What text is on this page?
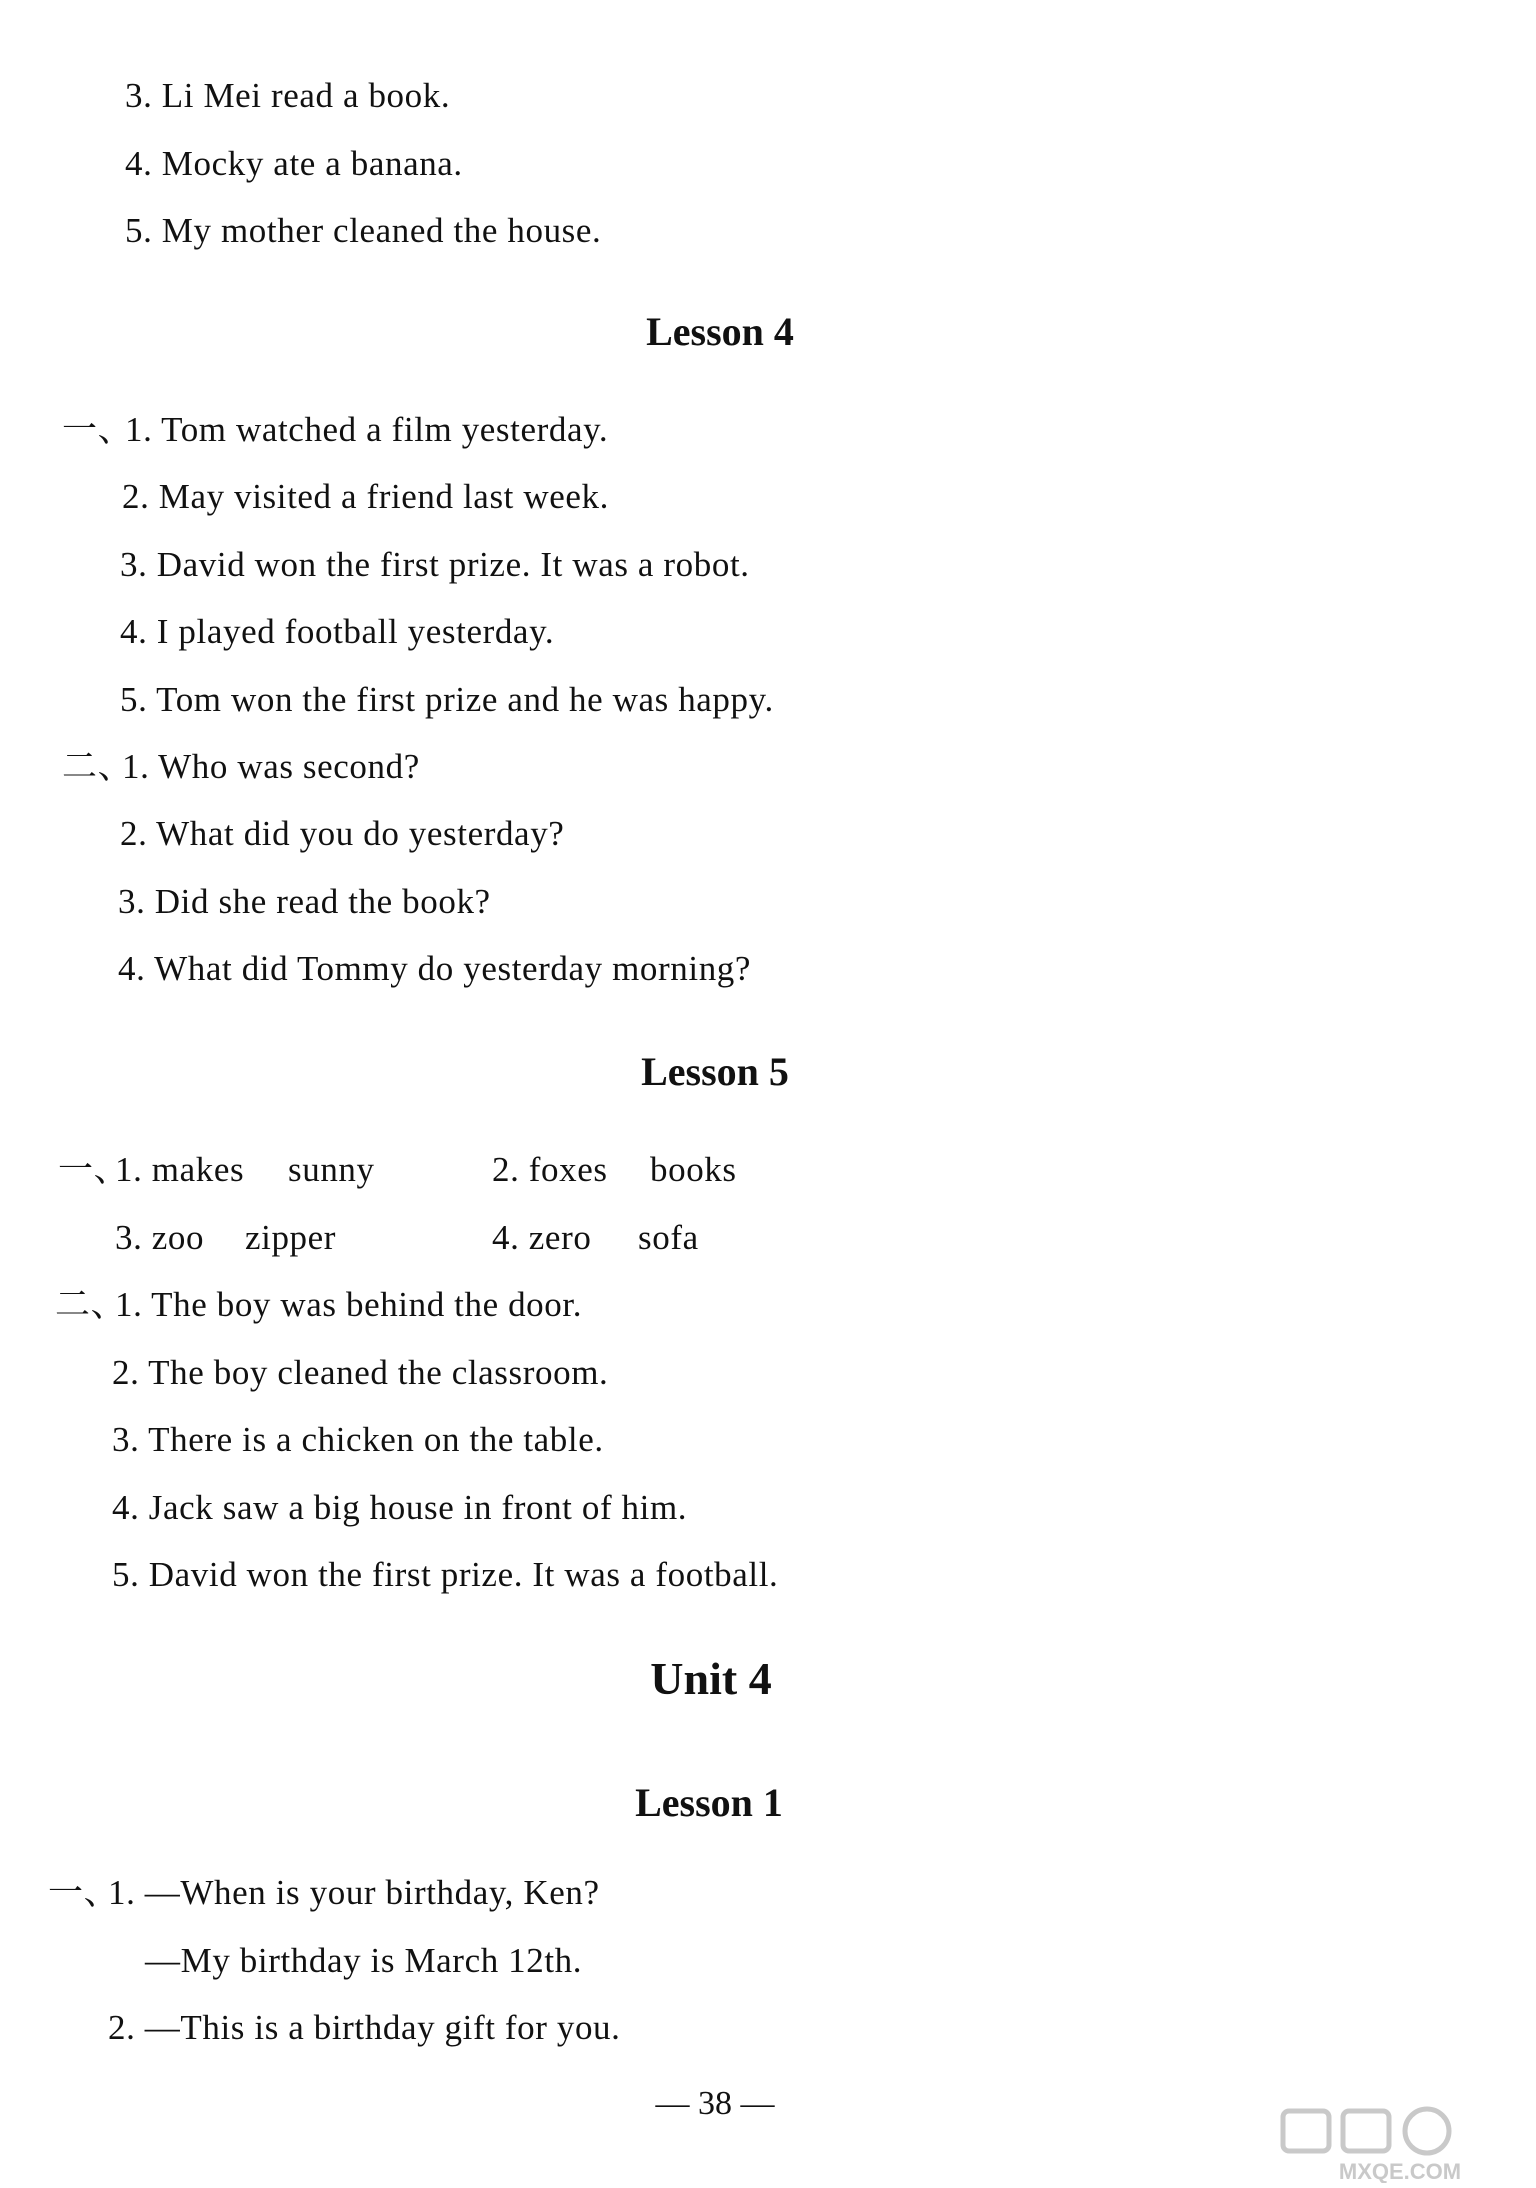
3. Li Mei read a book.

4. Mocky ate a banana.

5. My mother cleaned the house.

Lesson 4
一、

1. Tom watched a film yesterday.

2. May visited a friend last week.

3. David won the first prize. It was a robot.

4. I played football yesterday.

5. Tom won the first prize and he was happy.

二、

1. Who was second?

2. What did you do yesterday?

3. Did she read the book?

4. What did Tommy do yesterday morning?

Lesson 5
一、
1. makes sunny	2. foxes books
3. zoo zipper	4. zero sofa
二、

1. The boy was behind the door.

2. The boy cleaned the classroom.

3. There is a chicken on the table.

4. Jack saw a big house in front of him.

5. David won the first prize. It was a football.

Unit 4
Lesson 1
一、

1. —When is your birthday, Ken?

—My birthday is March 12th.

2. —This is a birthday gift for you.

— 38 —
MXQE.COM
